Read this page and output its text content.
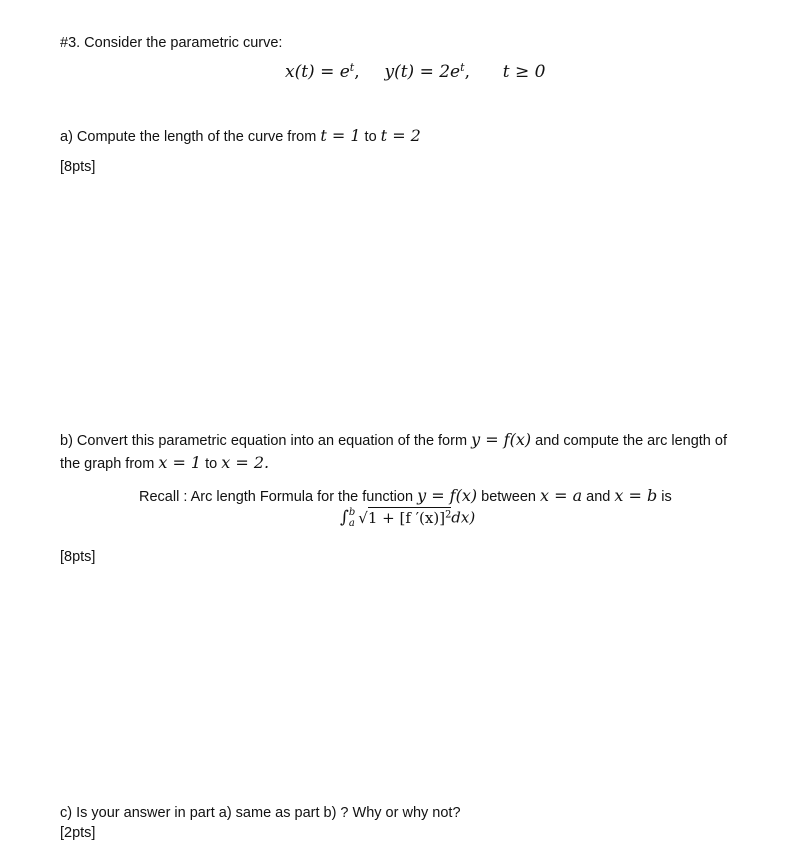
#3. Consider the parametric curve:
$x(t) = e^t$, $y(t) = 2e^t$, t ≥ 0
a) Compute the length of the curve from t = 1 to t = 2
[8pts]
b) Convert this parametric equation into an equation of the form y = f(x) and compute the arc length of
the graph from x = 1 to x = 2.
Recall : Arc length Formula for the function y = f(x) between x = a and x = b is
∫ b
a √1 + [f ′(x)]$^2$dx)
[8pts]
c) Is your answer in part a) same as part b) ? Why or why not?
[2pts]
